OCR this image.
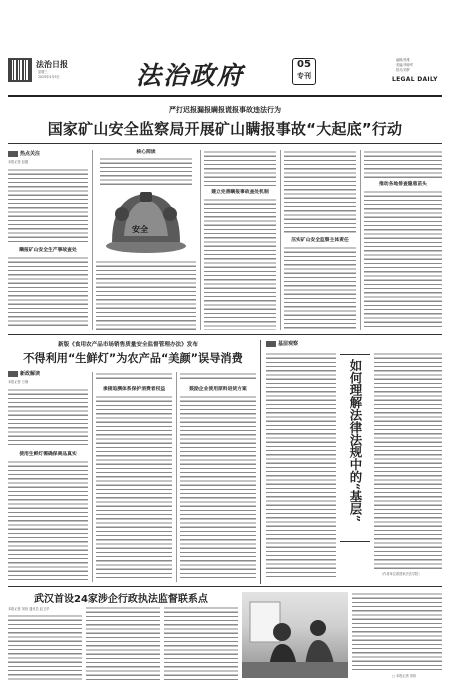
法治日报
星期三
2025年4月9日	法治政府	05
专刊
编辑/张维
美编/李晓军
校对/刘梦
LEGAL DAILY
严打迟报漏报瞒报谎报事故违法行为
国家矿山安全监察局开展矿山瞒报事故“大起底”行动
热点关注
本报记者 赵婕
瞒报矿山安全生产事故查处
核心阅读
安全
建立完善瞒报事故查处机制
压实矿山安全监察主体责任
推动各地排查隐患苗头
新版《食用农产品市场销售质量安全监督管理办法》发布
不得利用“生鲜灯”为农产品“美颜”误导消费
新政解读
本报记者 万静
使用生鲜灯需确保商品真实
承接追溯体系保护消费者权益	鼓励企业使用原料进货方案
基层观察
如何理解法律法规中的“基层”
（作者单位系国家法官学院）
武汉首设24家涉企行政执法监督联系点
本报记者 刘欣 通讯员 赵卫华
□ 本报记者 刘欣
